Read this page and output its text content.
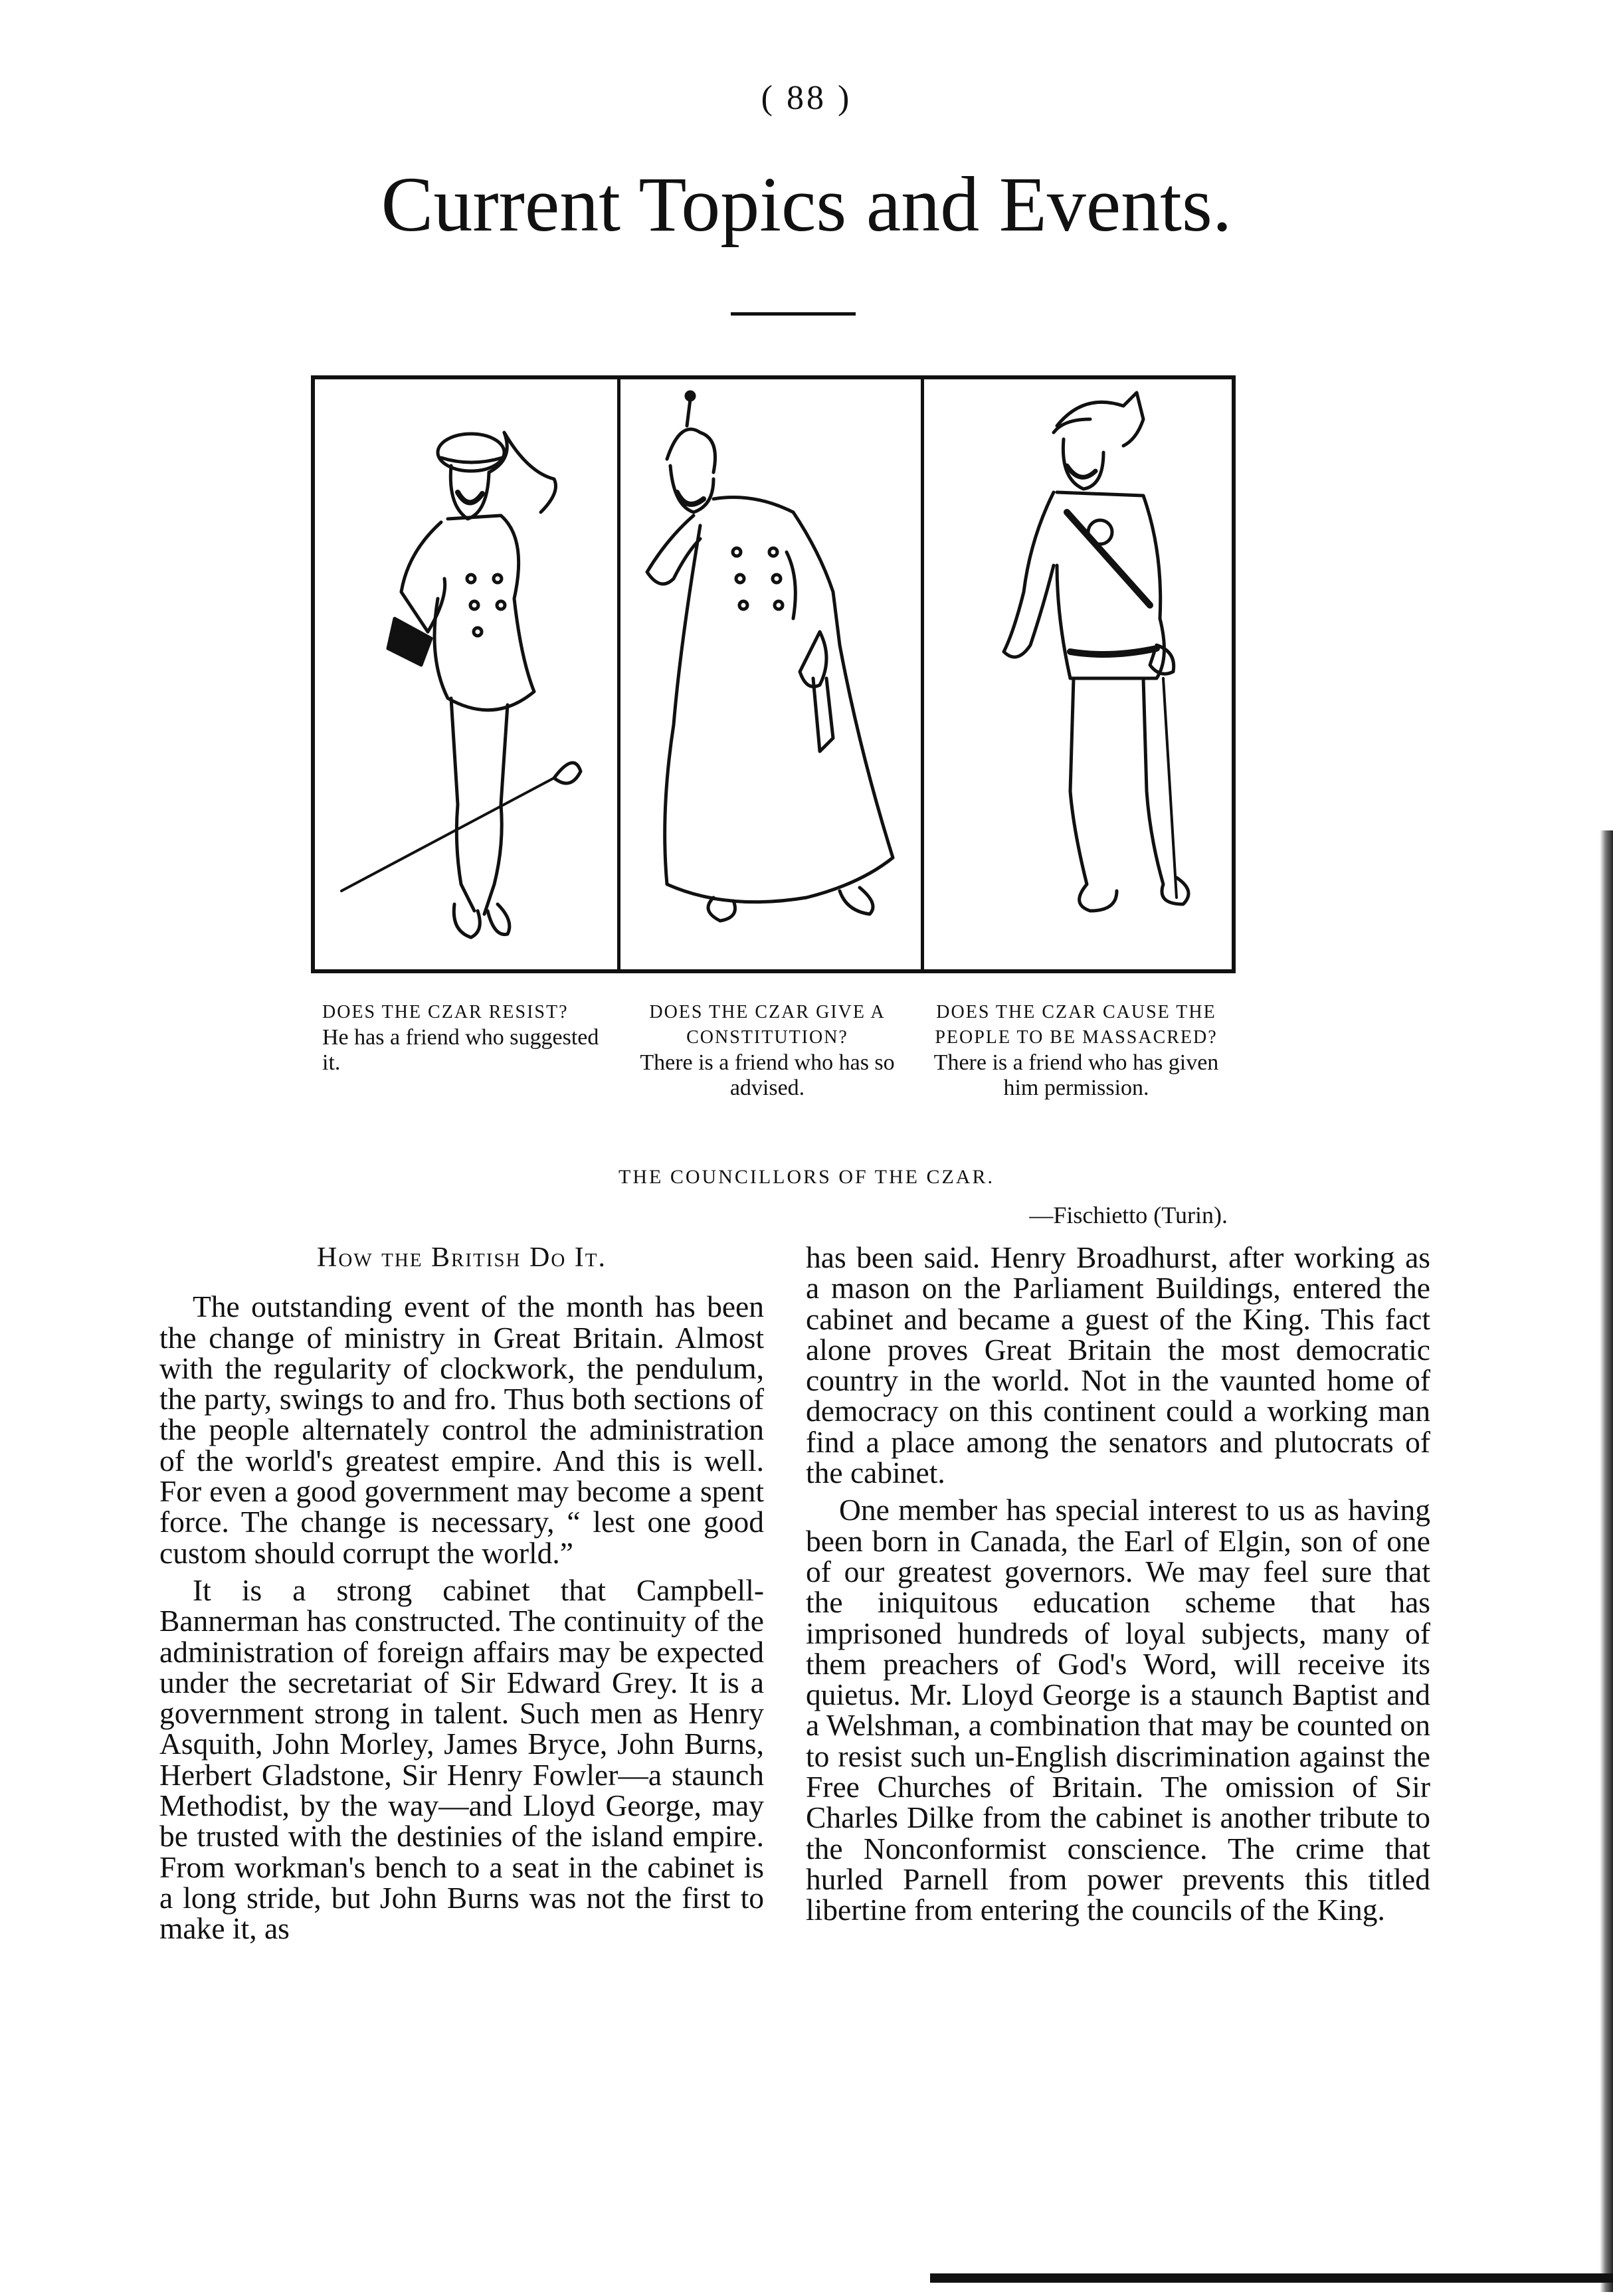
( 88 )
Current Topics and Events.
DOES THE CZAR RESIST?
He has a friend who suggested it.
DOES THE CZAR GIVE A CONSTITUTION?
There is a friend who has so advised.
DOES THE CZAR CAUSE THE PEOPLE TO BE MASSACRED?
There is a friend who has given him permission.
THE COUNCILLORS OF THE CZAR.
—Fischietto (Turin).
How the British Do It.

The outstanding event of the month has been the change of ministry in Great Britain. Almost with the regularity of clockwork, the pendulum, the party, swings to and fro. Thus both sections of the people alternately control the administration of the world's greatest empire. And this is well. For even a good government may become a spent force. The change is necessary, “ lest one good custom should corrupt the world.”

It is a strong cabinet that Campbell-Bannerman has constructed. The continuity of the administration of foreign affairs may be expected under the secretariat of Sir Edward Grey. It is a government strong in talent. Such men as Henry Asquith, John Morley, James Bryce, John Burns, Herbert Gladstone, Sir Henry Fowler—a staunch Methodist, by the way—and Lloyd George, may be trusted with the destinies of the island empire. From workman's bench to a seat in the cabinet is a long stride, but John Burns was not the first to make it, as

has been said. Henry Broadhurst, after working as a mason on the Parliament Buildings, entered the cabinet and became a guest of the King. This fact alone proves Great Britain the most democratic country in the world. Not in the vaunted home of democracy on this continent could a working man find a place among the senators and plutocrats of the cabinet.

One member has special interest to us as having been born in Canada, the Earl of Elgin, son of one of our greatest governors. We may feel sure that the iniquitous education scheme that has imprisoned hundreds of loyal subjects, many of them preachers of God's Word, will receive its quietus. Mr. Lloyd George is a staunch Baptist and a Welshman, a combination that may be counted on to resist such un-English discrimination against the Free Churches of Britain. The omission of Sir Charles Dilke from the cabinet is another tribute to the Nonconformist conscience. The crime that hurled Parnell from power prevents this titled libertine from entering the councils of the King.
